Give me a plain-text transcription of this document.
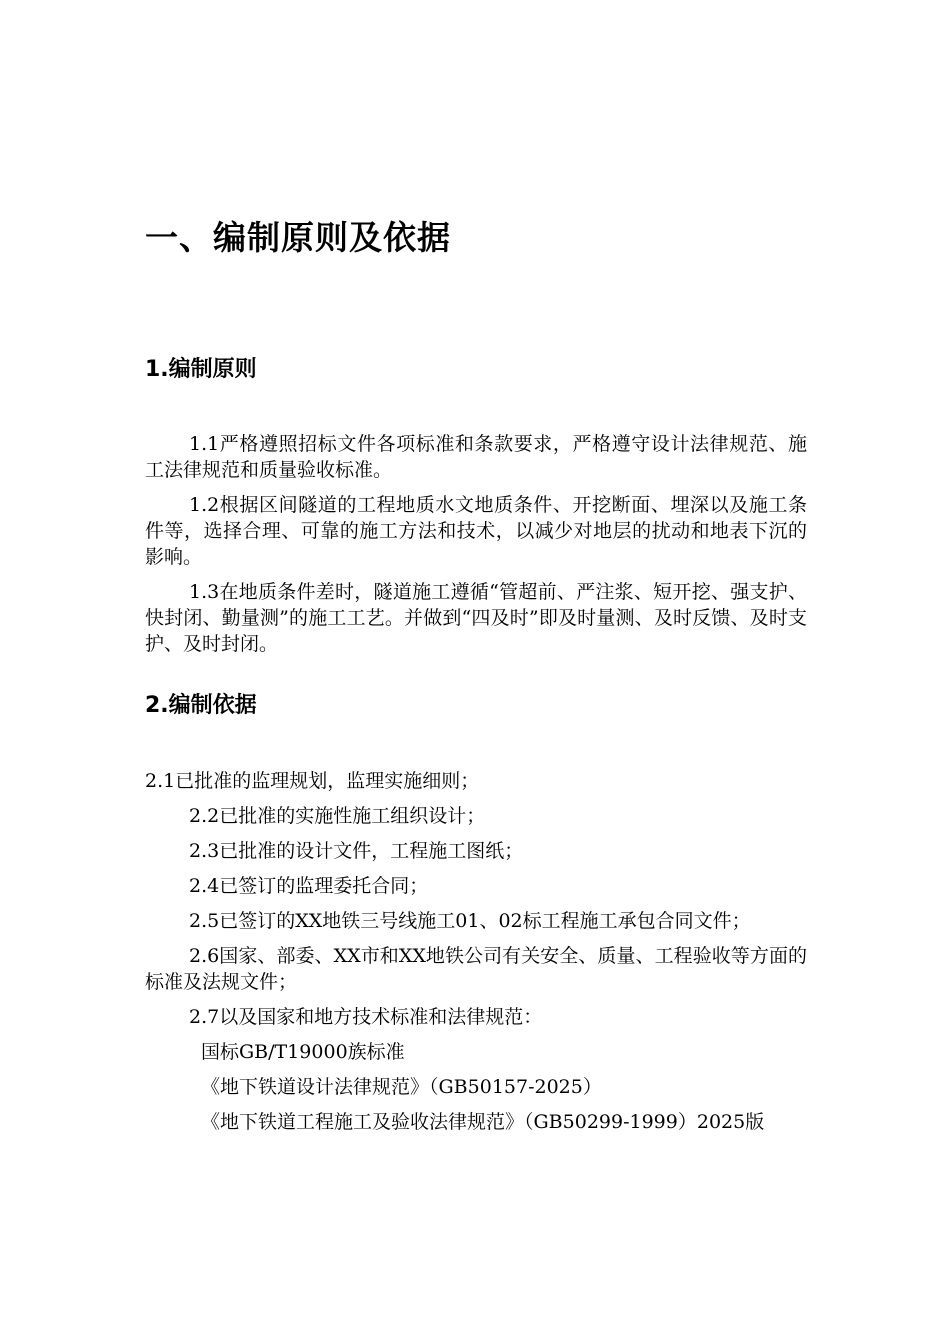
一、编制原则及依据
1.编制原则

1.1严格遵照招标文件各项标准和条款要求，严格遵守设计法律规范、施工法律规范和质量验收标准。

1.2根据区间隧道的工程地质水文地质条件、开挖断面、埋深以及施工条件等，选择合理、可靠的施工方法和技术，以减少对地层的扰动和地表下沉的影响。

1.3在地质条件差时，隧道施工遵循“管超前、严注浆、短开挖、强支护、快封闭、勤量测”的施工工艺。并做到“四及时”即及时量测、及时反馈、及时支护、及时封闭。

2.编制依据

2.1已批准的监理规划，监理实施细则；

2.2已批准的实施性施工组织设计；

2.3已批准的设计文件，工程施工图纸；

2.4已签订的监理委托合同；

2.5已签订的XX地铁三号线施工01、02标工程施工承包合同文件；

2.6国家、部委、XX市和XX地铁公司有关安全、质量、工程验收等方面的标准及法规文件；

2.7以及国家和地方技术标准和法律规范：

国标GB/T19000族标准

《地下铁道设计法律规范》（GB50157-2025）

《地下铁道工程施工及验收法律规范》（GB50299-1999）2025版
